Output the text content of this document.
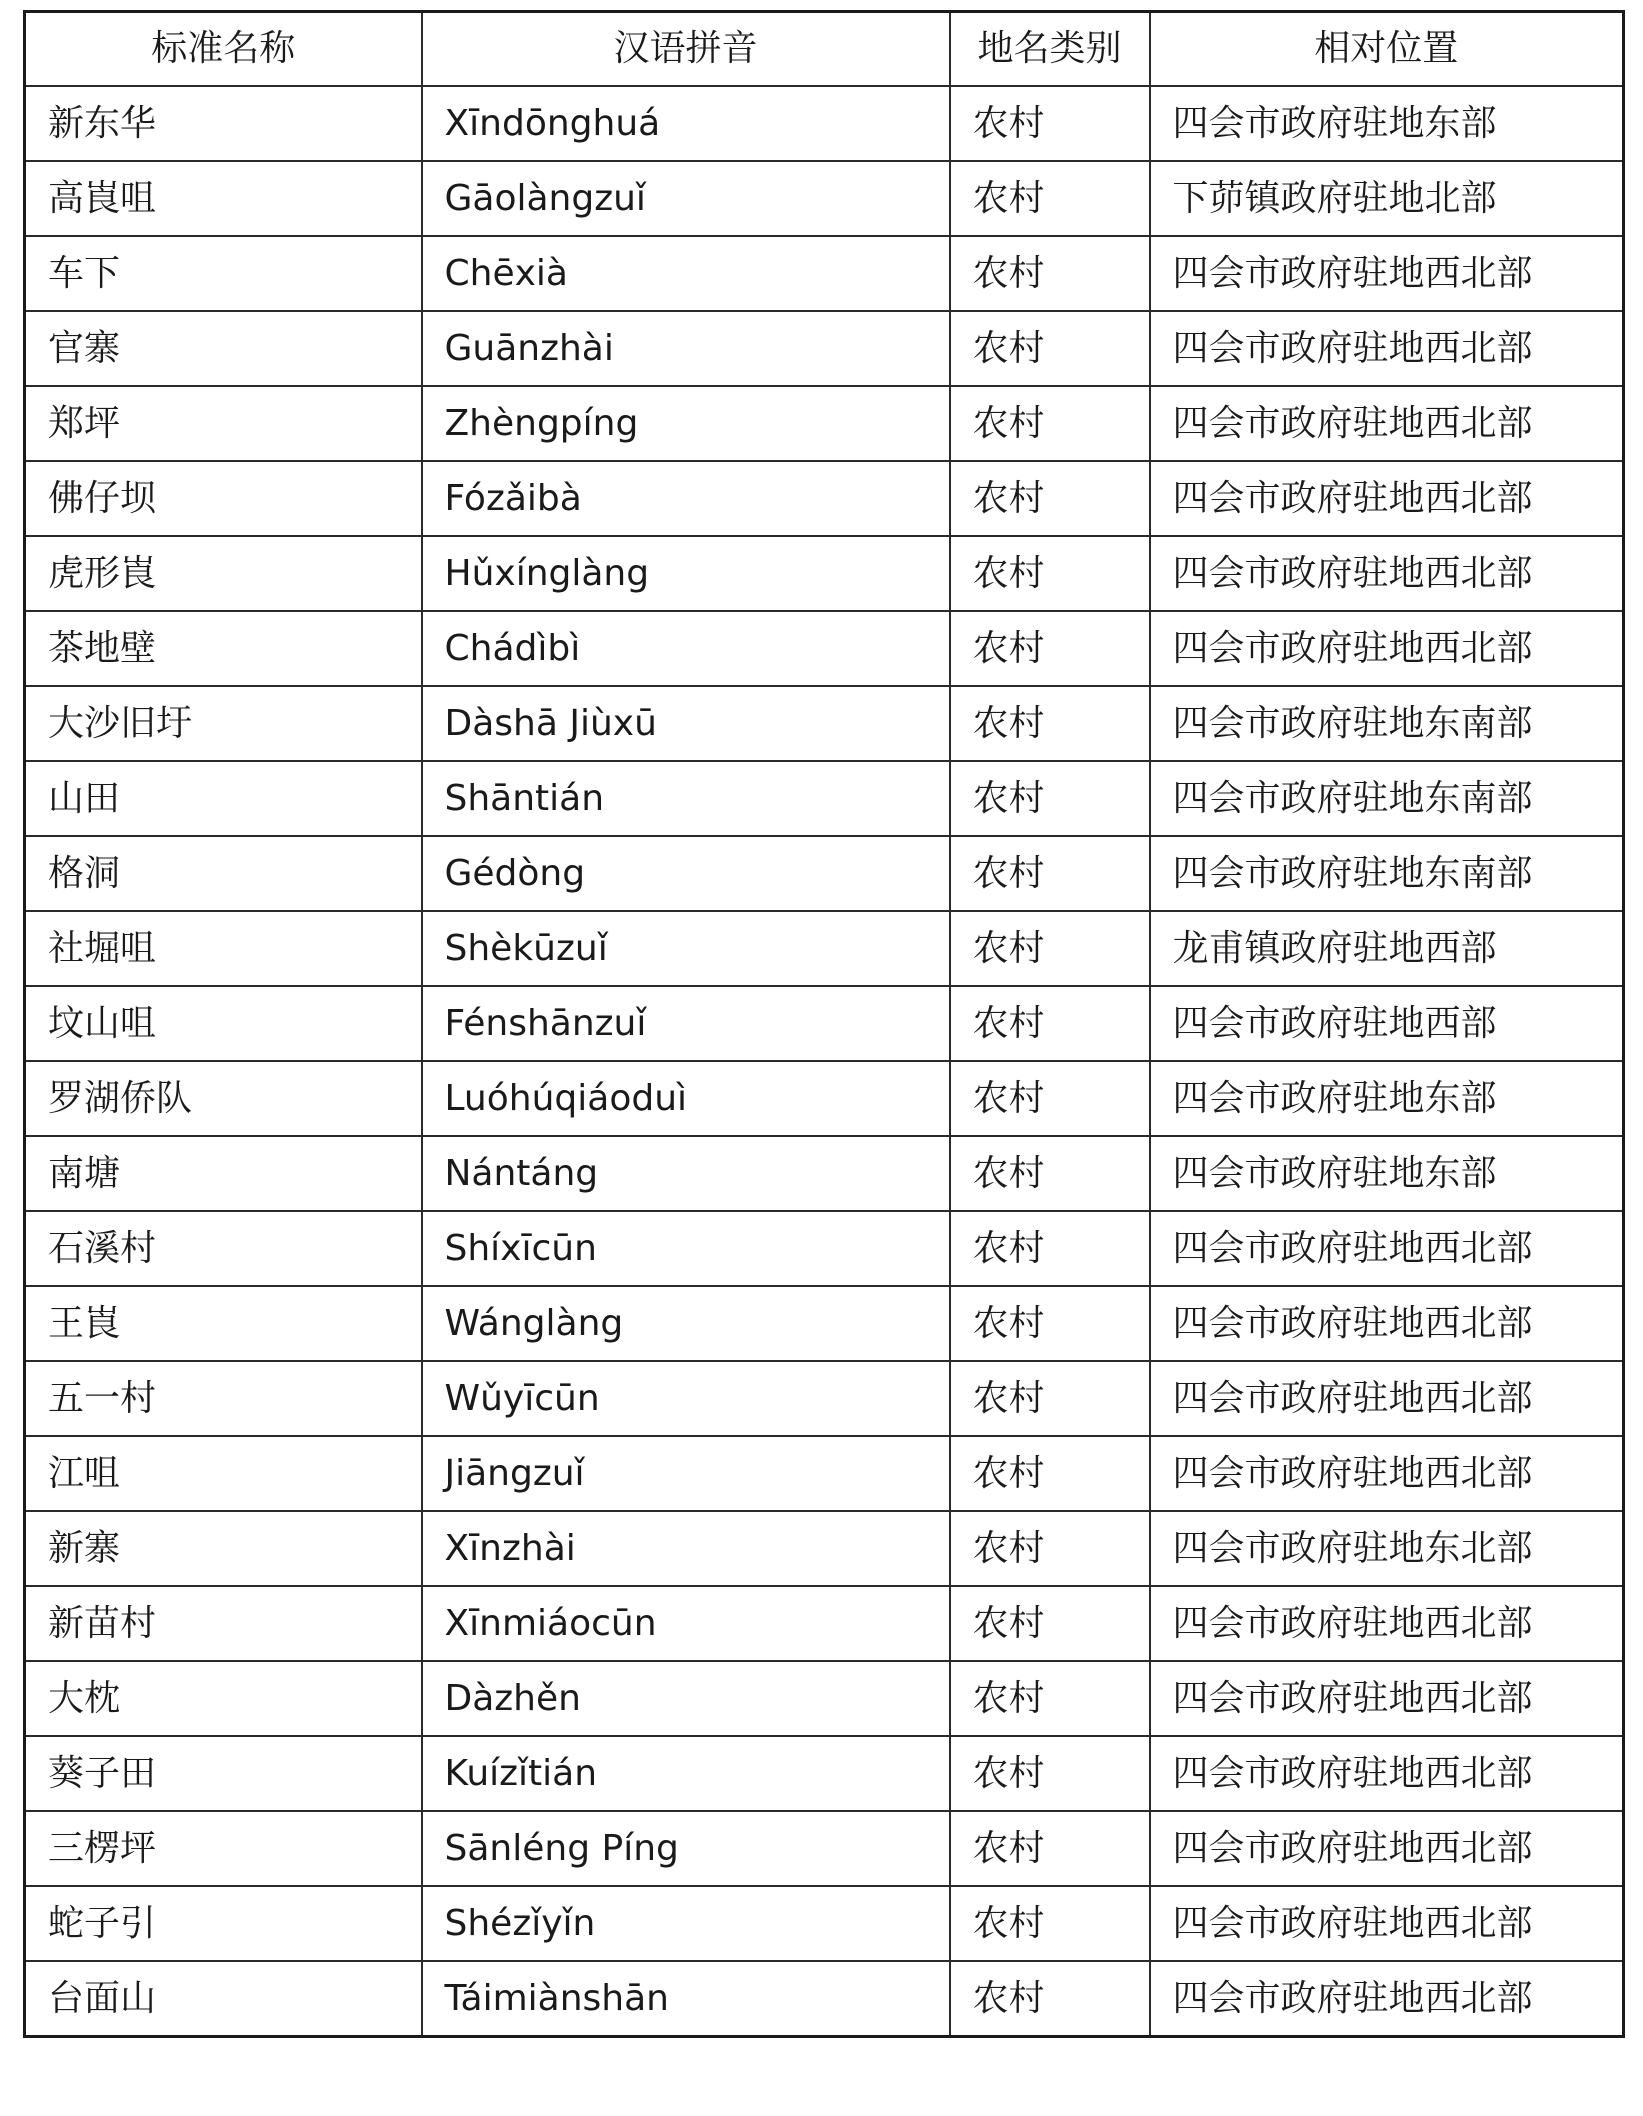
标准名称	汉语拼音	地名类别	相对位置
新东华	Xīndōnghuá	农村	四会市政府驻地东部
高崀咀	Gāolàngzuǐ	农村	下茆镇政府驻地北部
车下	Chēxià	农村	四会市政府驻地西北部
官寨	Guānzhài	农村	四会市政府驻地西北部
郑坪	Zhèngpíng	农村	四会市政府驻地西北部
佛仔坝	Fózǎibà	农村	四会市政府驻地西北部
虎形崀	Hǔxínglàng	农村	四会市政府驻地西北部
茶地壁	Chádìbì	农村	四会市政府驻地西北部
大沙旧圩	Dàshā Jiùxū	农村	四会市政府驻地东南部
山田	Shāntián	农村	四会市政府驻地东南部
格洞	Gédòng	农村	四会市政府驻地东南部
社堀咀	Shèkūzuǐ	农村	龙甫镇政府驻地西部
坟山咀	Fénshānzuǐ	农村	四会市政府驻地西部
罗湖侨队	Luóhúqiáoduì	农村	四会市政府驻地东部
南塘	Nántáng	农村	四会市政府驻地东部
石溪村	Shíxīcūn	农村	四会市政府驻地西北部
王崀	Wánglàng	农村	四会市政府驻地西北部
五一村	Wǔyīcūn	农村	四会市政府驻地西北部
江咀	Jiāngzuǐ	农村	四会市政府驻地西北部
新寨	Xīnzhài	农村	四会市政府驻地东北部
新苗村	Xīnmiáocūn	农村	四会市政府驻地西北部
大枕	Dàzhěn	农村	四会市政府驻地西北部
葵子田	Kuízǐtián	农村	四会市政府驻地西北部
三楞坪	Sānléng Píng	农村	四会市政府驻地西北部
蛇子引	Shézǐyǐn	农村	四会市政府驻地西北部
台面山	Táimiànshān	农村	四会市政府驻地西北部
